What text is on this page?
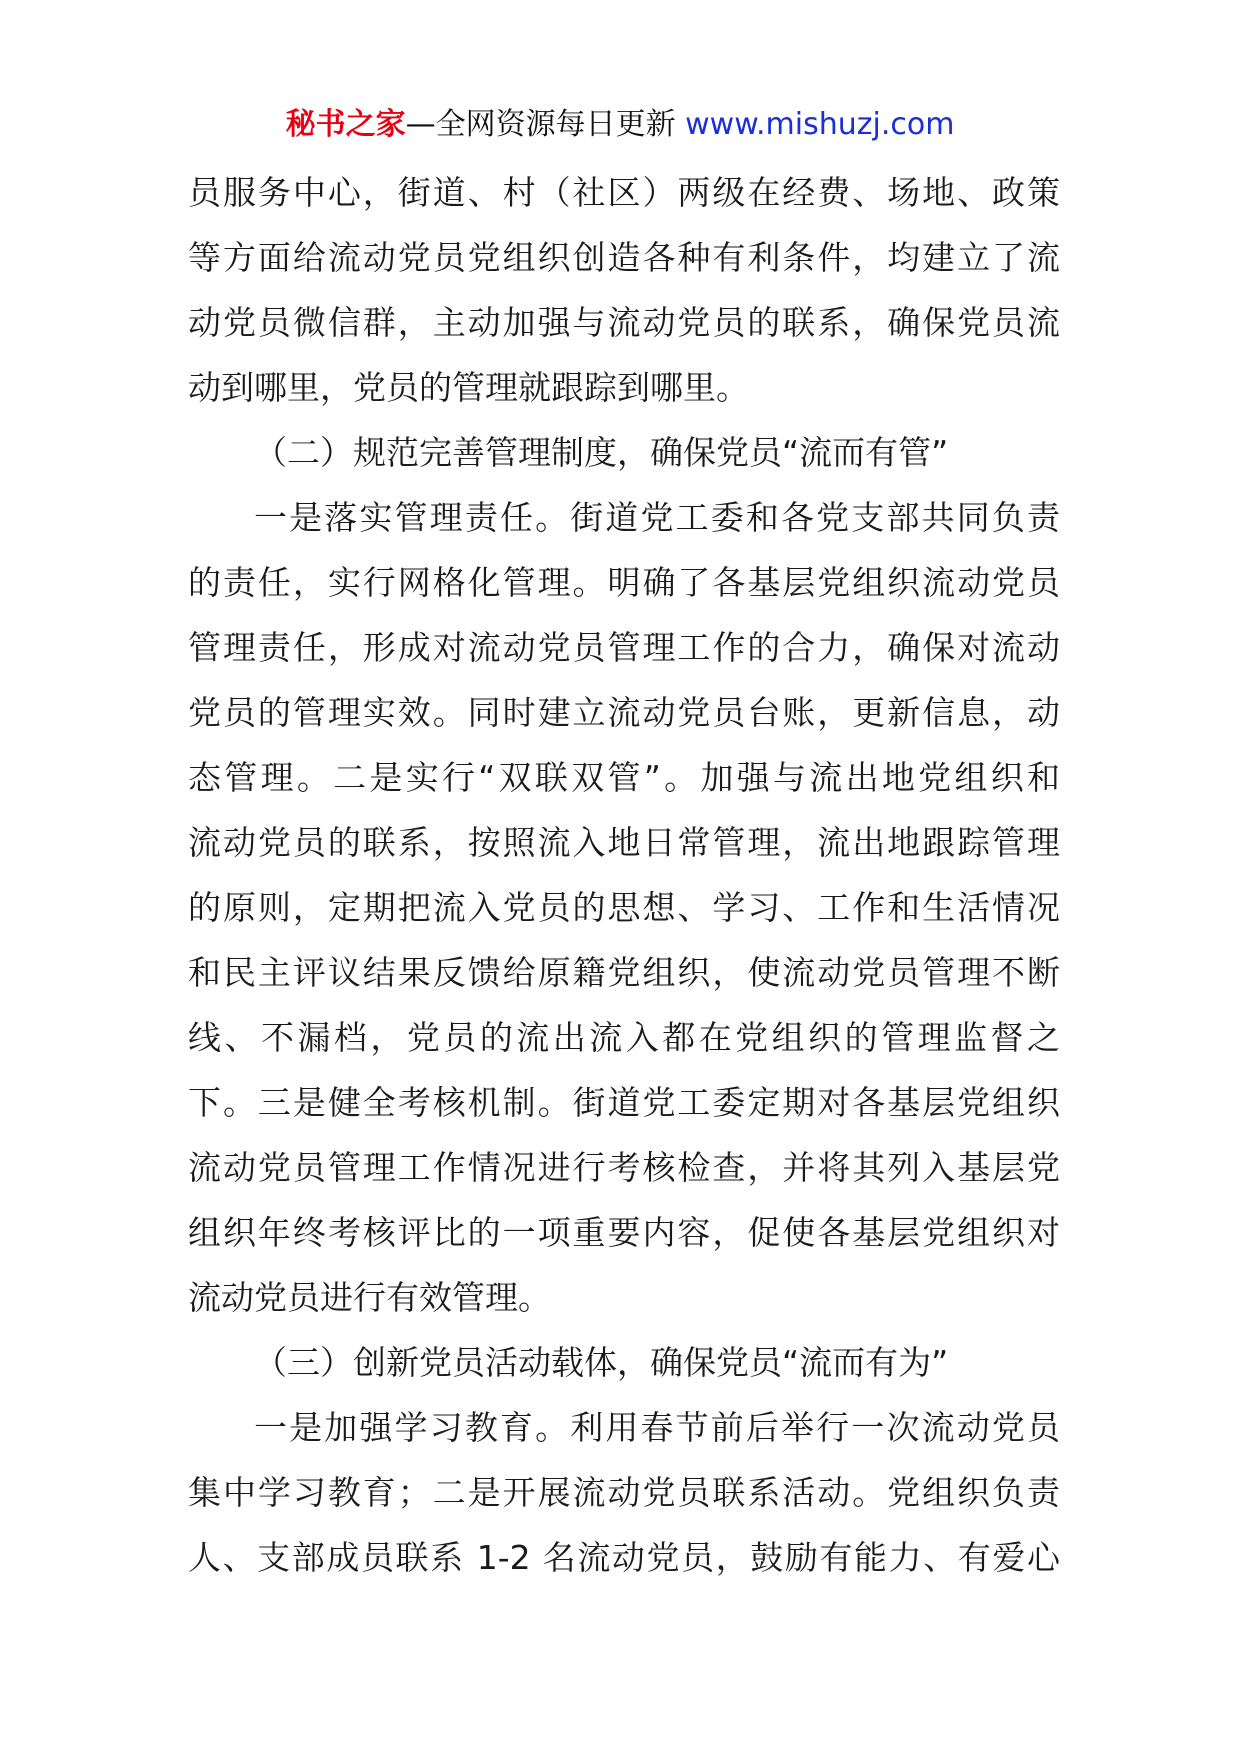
秘书之家—全网资源每日更新 www.mishuzj.com
员服务中心，街道、村（社区）两级在经费、场地、政策
等方面给流动党员党组织创造各种有利条件，均建立了流
动党员微信群，主动加强与流动党员的联系，确保党员流
动到哪里，党员的管理就跟踪到哪里。
（二）规范完善管理制度，确保党员“流而有管”
一是落实管理责任。街道党工委和各党支部共同负责
的责任，实行网格化管理。明确了各基层党组织流动党员
管理责任，形成对流动党员管理工作的合力，确保对流动
党员的管理实效。同时建立流动党员台账，更新信息，动
态管理。二是实行“双联双管”。加强与流出地党组织和
流动党员的联系，按照流入地日常管理，流出地跟踪管理
的原则，定期把流入党员的思想、学习、工作和生活情况
和民主评议结果反馈给原籍党组织，使流动党员管理不断
线、不漏档，党员的流出流入都在党组织的管理监督之
下。三是健全考核机制。街道党工委定期对各基层党组织
流动党员管理工作情况进行考核检查，并将其列入基层党
组织年终考核评比的一项重要内容，促使各基层党组织对
流动党员进行有效管理。
（三）创新党员活动载体，确保党员“流而有为”
一是加强学习教育。利用春节前后举行一次流动党员
集中学习教育；二是开展流动党员联系活动。党组织负责
人、支部成员联系 1-2 名流动党员，鼓励有能力、有爱心
